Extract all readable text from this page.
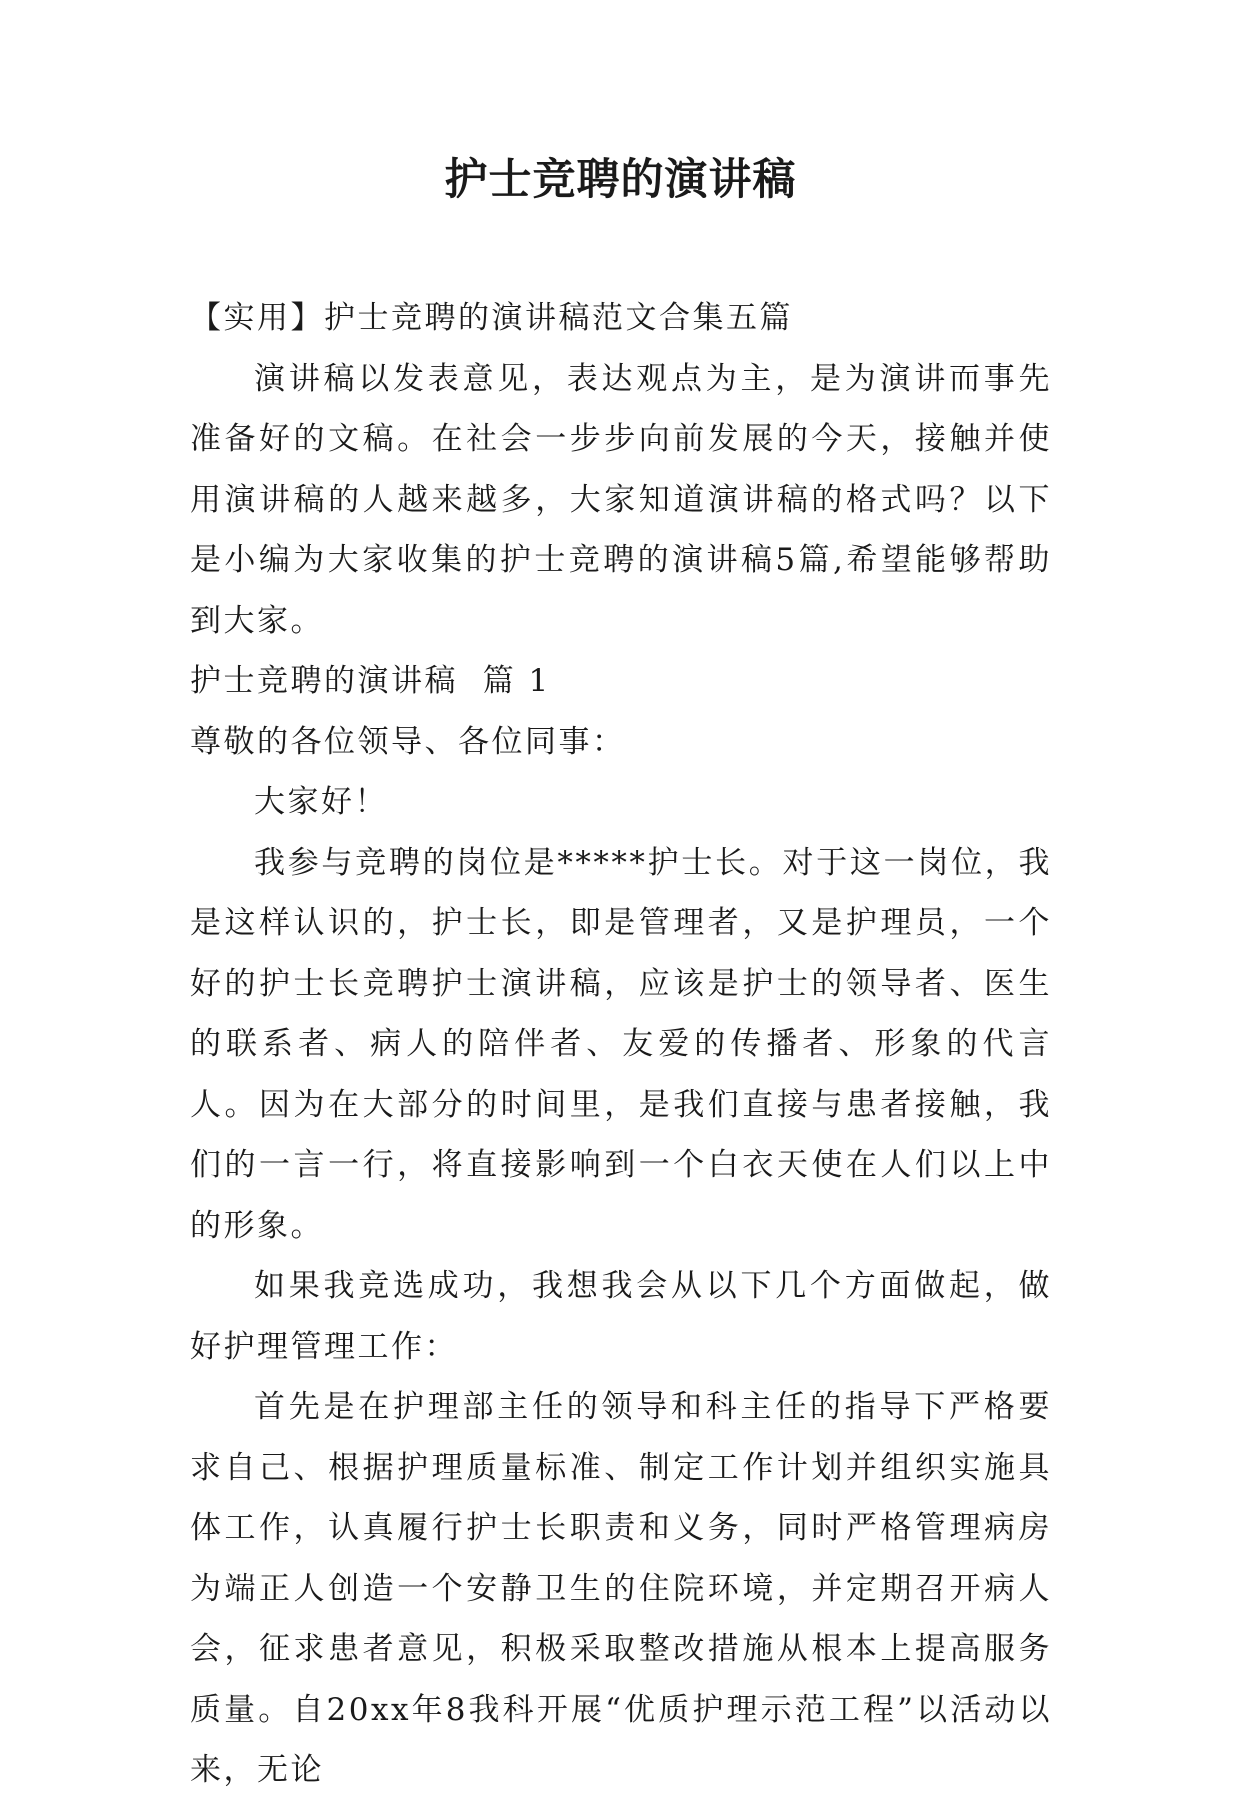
护士竞聘的演讲稿

【实用】护士竞聘的演讲稿范文合集五篇

演讲稿以发表意见，表达观点为主，是为演讲而事先准备好的文稿。在社会一步步向前发展的今天，接触并使用演讲稿的人越来越多，大家知道演讲稿的格式吗？以下是小编为大家收集的护士竞聘的演讲稿5篇,希望能够帮助到大家。

护士竞聘的演讲稿  篇 1

尊敬的各位领导、各位同事：

大家好！

我参与竞聘的岗位是*****护士长。对于这一岗位，我是这样认识的，护士长，即是管理者，又是护理员，一个好的护士长竞聘护士演讲稿，应该是护士的领导者、医生的联系者、病人的陪伴者、友爱的传播者、形象的代言人。因为在大部分的时间里，是我们直接与患者接触，我们的一言一行，将直接影响到一个白衣天使在人们以上中的形象。

如果我竞选成功，我想我会从以下几个方面做起，做好护理管理工作：

首先是在护理部主任的领导和科主任的指导下严格要求自己、根据护理质量标准、制定工作计划并组织实施具体工作，认真履行护士长职责和义务，同时严格管理病房为端正人创造一个安静卫生的住院环境，并定期召开病人会，征求患者意见，积极采取整改措施从根本上提高服务质量。自20xx年8我科开展“优质护理示范工程”以活动以来，无论
